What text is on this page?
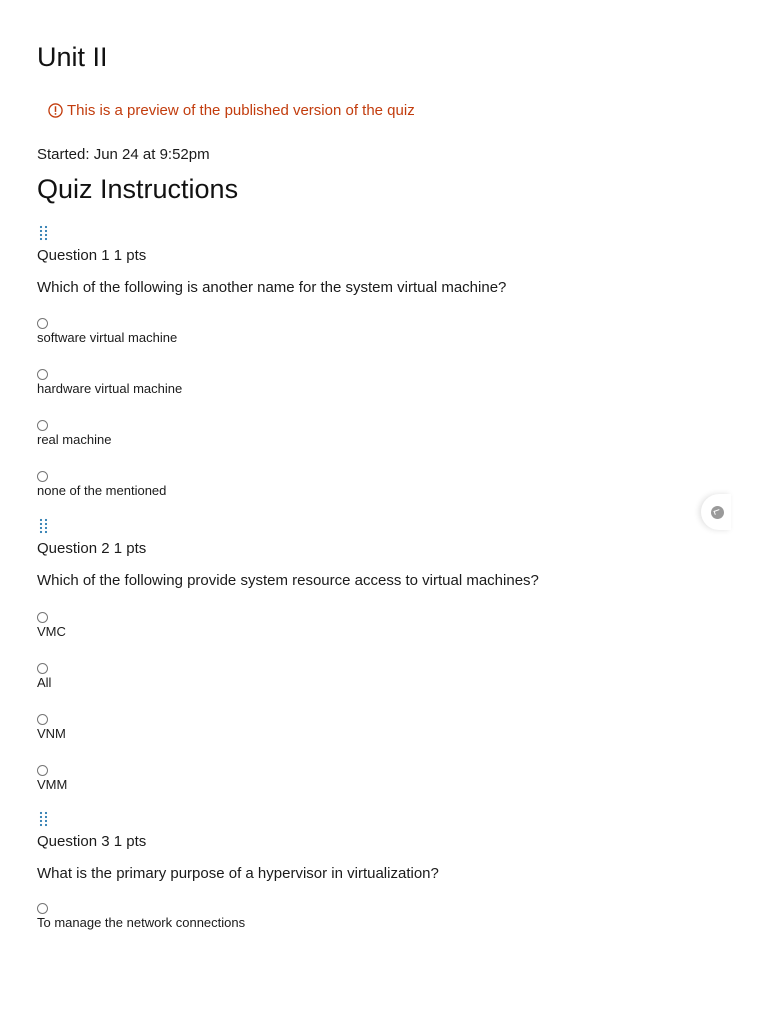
Unit II
This is a preview of the published version of the quiz
Started: Jun 24 at 9:52pm
Quiz Instructions
Question 1 1 pts
Which of the following is another name for the system virtual machine?
software virtual machine
hardware virtual machine
real machine
none of the mentioned
Question 2 1 pts
Which of the following provide system resource access to virtual machines?
VMC
All
VNM
VMM
Question 3 1 pts
What is the primary purpose of a hypervisor in virtualization?
To manage the network connections
